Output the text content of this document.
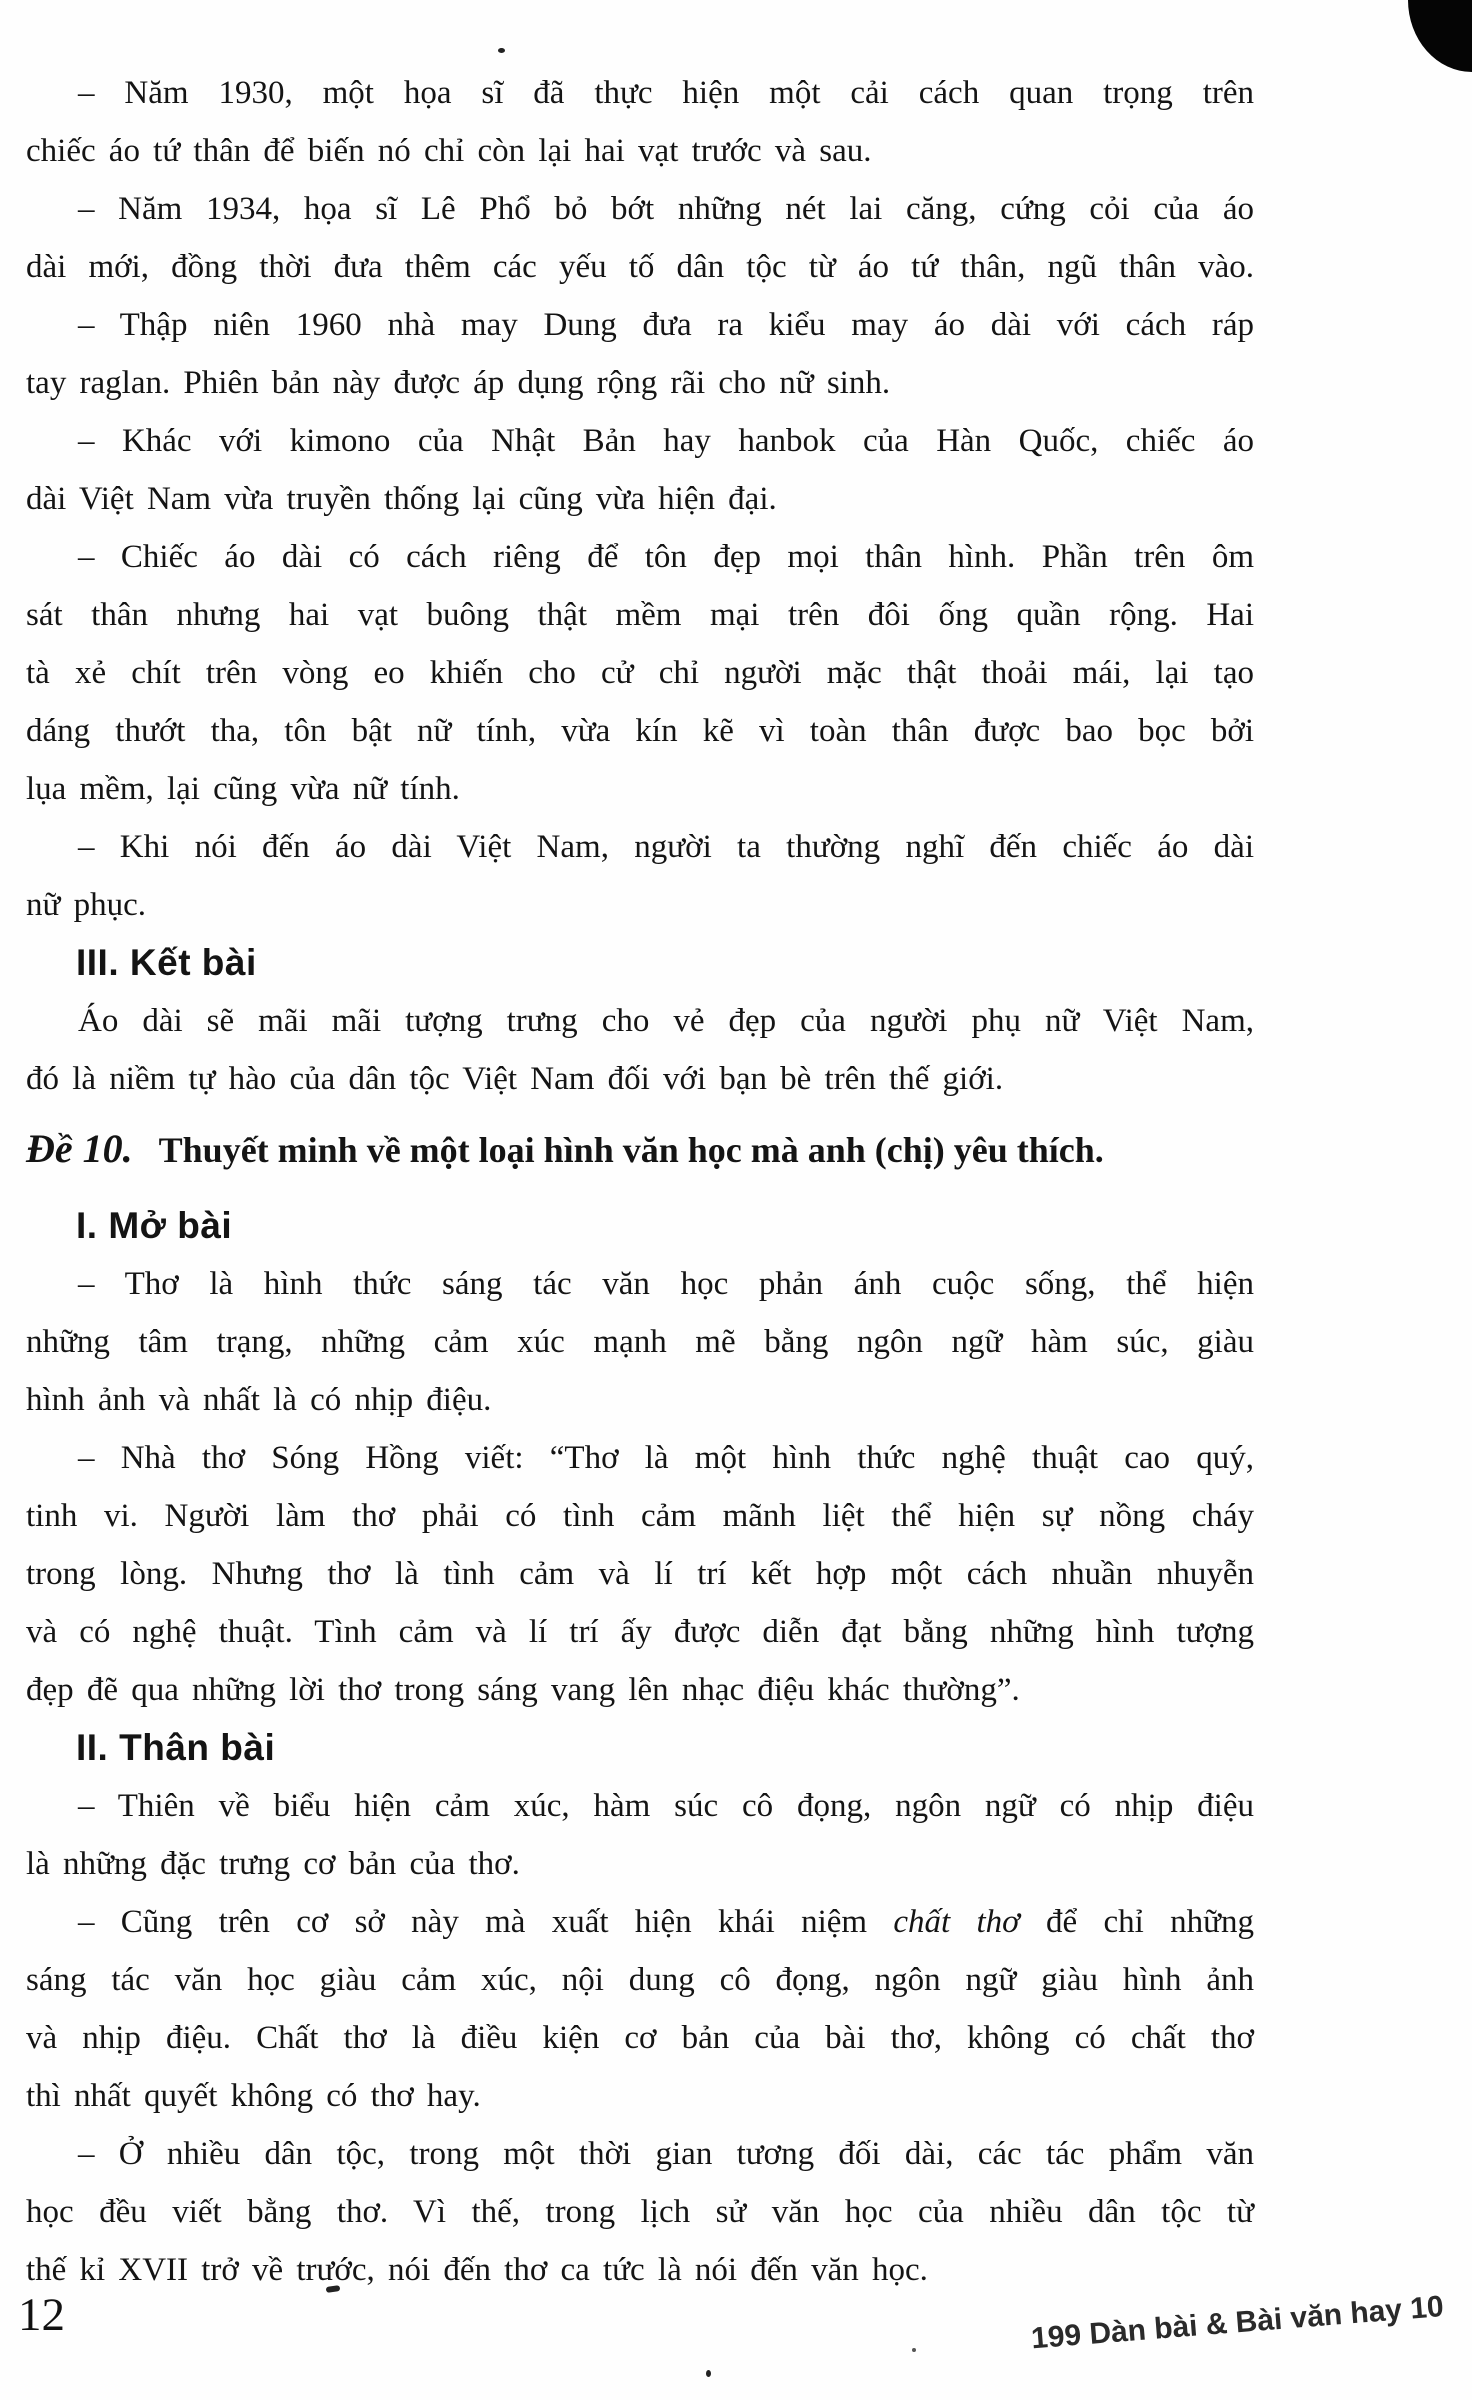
– Năm 1930, một họa sĩ đã thực hiện một cải cách quan trọng trên
chiếc áo tứ thân để biến nó chỉ còn lại hai vạt trước và sau.
– Năm 1934, họa sĩ Lê Phổ bỏ bớt những nét lai căng, cứng cỏi của áo
dài mới, đồng thời đưa thêm các yếu tố dân tộc từ áo tứ thân, ngũ thân vào.
– Thập niên 1960 nhà may Dung đưa ra kiểu may áo dài với cách ráp
tay raglan. Phiên bản này được áp dụng rộng rãi cho nữ sinh.
– Khác với kimono của Nhật Bản hay hanbok của Hàn Quốc, chiếc áo
dài Việt Nam vừa truyền thống lại cũng vừa hiện đại.
– Chiếc áo dài có cách riêng để tôn đẹp mọi thân hình. Phần trên ôm
sát thân nhưng hai vạt buông thật mềm mại trên đôi ống quần rộng. Hai
tà xẻ chít trên vòng eo khiến cho cử chỉ người mặc thật thoải mái, lại tạo
dáng thướt tha, tôn bật nữ tính, vừa kín kẽ vì toàn thân được bao bọc bởi
lụa mềm, lại cũng vừa nữ tính.
– Khi nói đến áo dài Việt Nam, người ta thường nghĩ đến chiếc áo dài
nữ phục.
III. Kết bài
Áo dài sẽ mãi mãi tượng trưng cho vẻ đẹp của người phụ nữ Việt Nam,
đó là niềm tự hào của dân tộc Việt Nam đối với bạn bè trên thế giới.
Đề 10. Thuyết minh về một loại hình văn học mà anh (chị) yêu thích.
I. Mở bài
– Thơ là hình thức sáng tác văn học phản ánh cuộc sống, thể hiện
những tâm trạng, những cảm xúc mạnh mẽ bằng ngôn ngữ hàm súc, giàu
hình ảnh và nhất là có nhịp điệu.
– Nhà thơ Sóng Hồng viết: “Thơ là một hình thức nghệ thuật cao quý,
tinh vi. Người làm thơ phải có tình cảm mãnh liệt thể hiện sự nồng cháy
trong lòng. Nhưng thơ là tình cảm và lí trí kết hợp một cách nhuần nhuyễn
và có nghệ thuật. Tình cảm và lí trí ấy được diễn đạt bằng những hình tượng
đẹp đẽ qua những lời thơ trong sáng vang lên nhạc điệu khác thường”.
II. Thân bài
– Thiên về biểu hiện cảm xúc, hàm súc cô đọng, ngôn ngữ có nhịp điệu
là những đặc trưng cơ bản của thơ.
– Cũng trên cơ sở này mà xuất hiện khái niệm chất thơ để chỉ những
sáng tác văn học giàu cảm xúc, nội dung cô đọng, ngôn ngữ giàu hình ảnh
và nhịp điệu. Chất thơ là điều kiện cơ bản của bài thơ, không có chất thơ
thì nhất quyết không có thơ hay.
– Ở nhiều dân tộc, trong một thời gian tương đối dài, các tác phẩm văn
học đều viết bằng thơ. Vì thế, trong lịch sử văn học của nhiều dân tộc từ
thế kỉ XVII trở về trước, nói đến thơ ca tức là nói đến văn học.
12	199 Dàn bài & Bài văn hay 10
